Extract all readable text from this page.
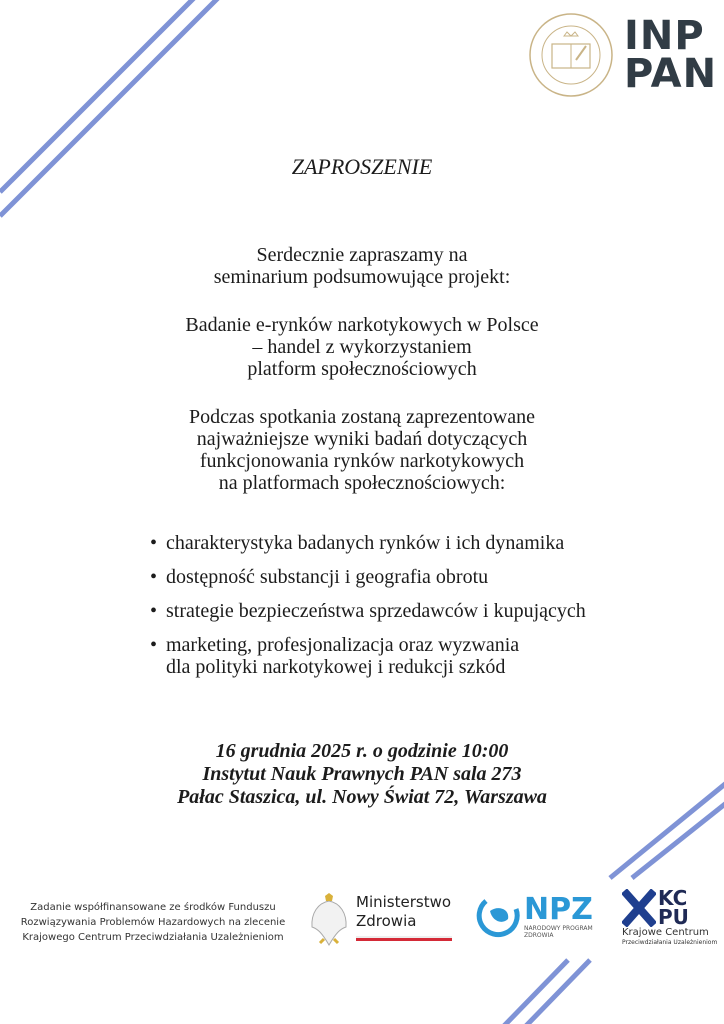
INP
PAN
ZAPROSZENIE
Serdecznie zapraszamy na
seminarium podsumowujące projekt:
Badanie e-rynków narkotykowych w Polsce
– handel z wykorzystaniem
platform społecznościowych
Podczas spotkania zostaną zaprezentowane
najważniejsze wyniki badań dotyczących
funkcjonowania rynków narkotykowych
na platformach społecznościowych:
• charakterystyka badanych rynków i ich dynamika
• dostępność substancji i geografia obrotu
• strategie bezpieczeństwa sprzedawców i kupujących
• marketing, profesjonalizacja oraz wyzwania
dla polityki narkotykowej i redukcji szkód
16 grudnia 2025 r. o godzinie 10:00
Instytut Nauk Prawnych PAN sala 273
Pałac Staszica, ul. Nowy Świat 72, Warszawa
Zadanie współfinansowane ze środków Funduszu
Rozwiązywania Problemów Hazardowych na zlecenie
Krajowego Centrum Przeciwdziałania Uzależnieniom
Ministerstwo
Zdrowia	NPZ
NARODOWY PROGRAM ZDROWIA
KC
PU
Krajowe Centrum
Przeciwdziałania Uzależnieniom
